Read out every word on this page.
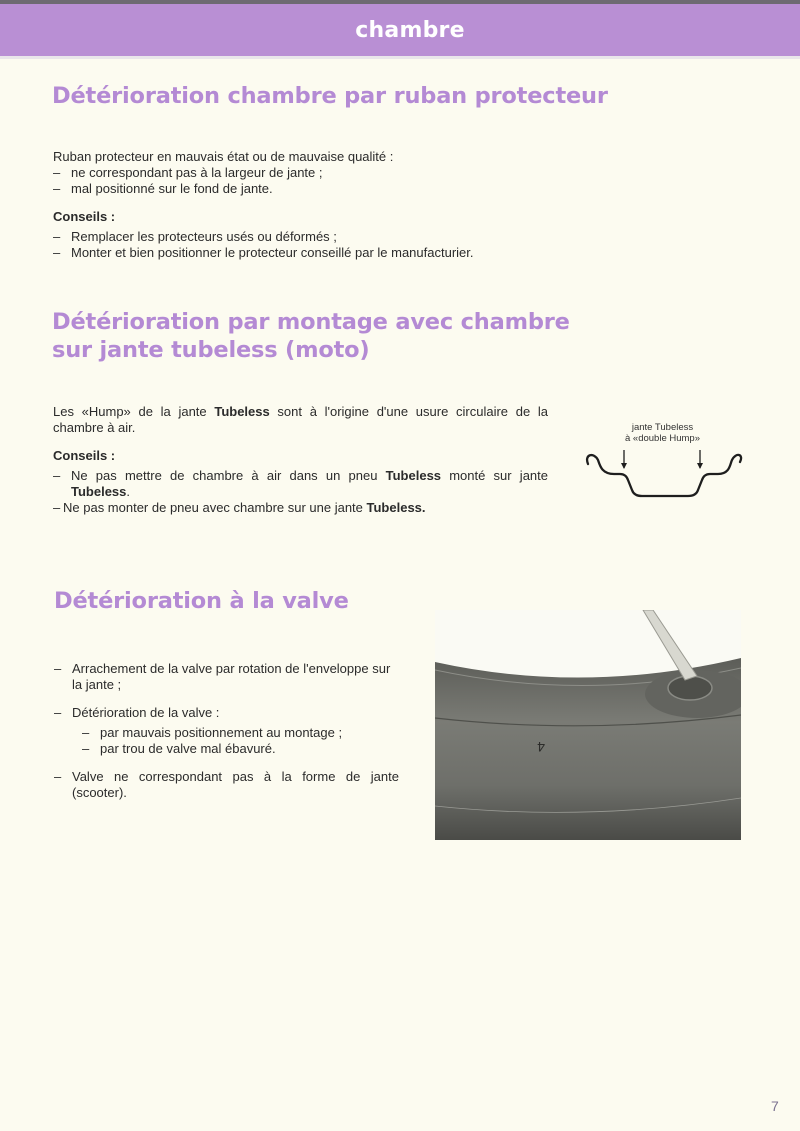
chambre
Détérioration chambre par ruban protecteur

Ruban protecteur en mauvais état ou de mauvaise qualité :

– ne correspondant pas à la largeur de jante ;
– mal positionné sur le fond de jante.

Conseils :

– Remplacer les protecteurs usés ou déformés ;
– Monter et bien positionner le protecteur conseillé par le manufacturier.
Détérioration par montage avec chambre
sur jante tubeless (moto)

Les «Hump» de la jante Tubeless sont à l'origine d'une usure circulaire de la chambre à air.

Conseils :

– Ne pas mettre de chambre à air dans un pneu Tubeless monté sur jante Tubeless.
– Ne pas monter de pneu avec chambre sur une jante Tubeless.
jante Tubeless
à «double Hump»
Détérioration à la valve
– Arrachement de la valve par rotation de l'enveloppe sur la jante ;
– Détérioration de la valve :
– par mauvais positionnement au montage ;
– par trou de valve mal ébavuré.
– Valve ne correspondant pas à la forme de jante (scooter).
4
7
